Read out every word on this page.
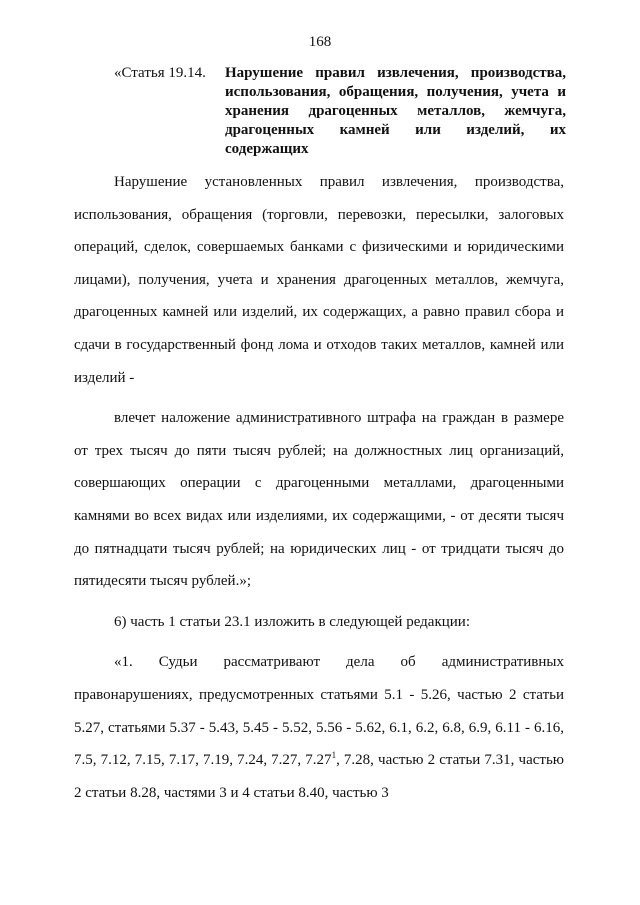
168
«Статья 19.14.	Нарушение правил извлечения, производства, использования, обращения, получения, учета и хранения драгоценных металлов, жемчуга, драгоценных камней или изделий, их содержащих

Нарушение установленных правил извлечения, производства, использования, обращения (торговли, перевозки, пересылки, залоговых операций, сделок, совершаемых банками с физическими и юридическими лицами), получения, учета и хранения драгоценных металлов, жемчуга, драгоценных камней или изделий, их содержащих, а равно правил сбора и сдачи в государственный фонд лома и отходов таких металлов, камней или изделий -

влечет наложение административного штрафа на граждан в размере от трех тысяч до пяти тысяч рублей; на должностных лиц организаций, совершающих операции с драгоценными металлами, драгоценными камнями во всех видах или изделиями, их содержащими, - от десяти тысяч до пятнадцати тысяч рублей; на юридических лиц - от тридцати тысяч до пятидесяти тысяч рублей.»;

6) часть 1 статьи 23.1 изложить в следующей редакции:

«1. Судьи рассматривают дела об административных правонарушениях, предусмотренных статьями 5.1 - 5.26, частью 2 статьи 5.27, статьями 5.37 - 5.43, 5.45 - 5.52, 5.56 - 5.62, 6.1, 6.2, 6.8, 6.9, 6.11 - 6.16, 7.5, 7.12, 7.15, 7.17, 7.19, 7.24, 7.27, 7.27$^1$, 7.28, частью 2 статьи 7.31, частью 2 статьи 8.28, частями 3 и 4 статьи 8.40, частью 3
